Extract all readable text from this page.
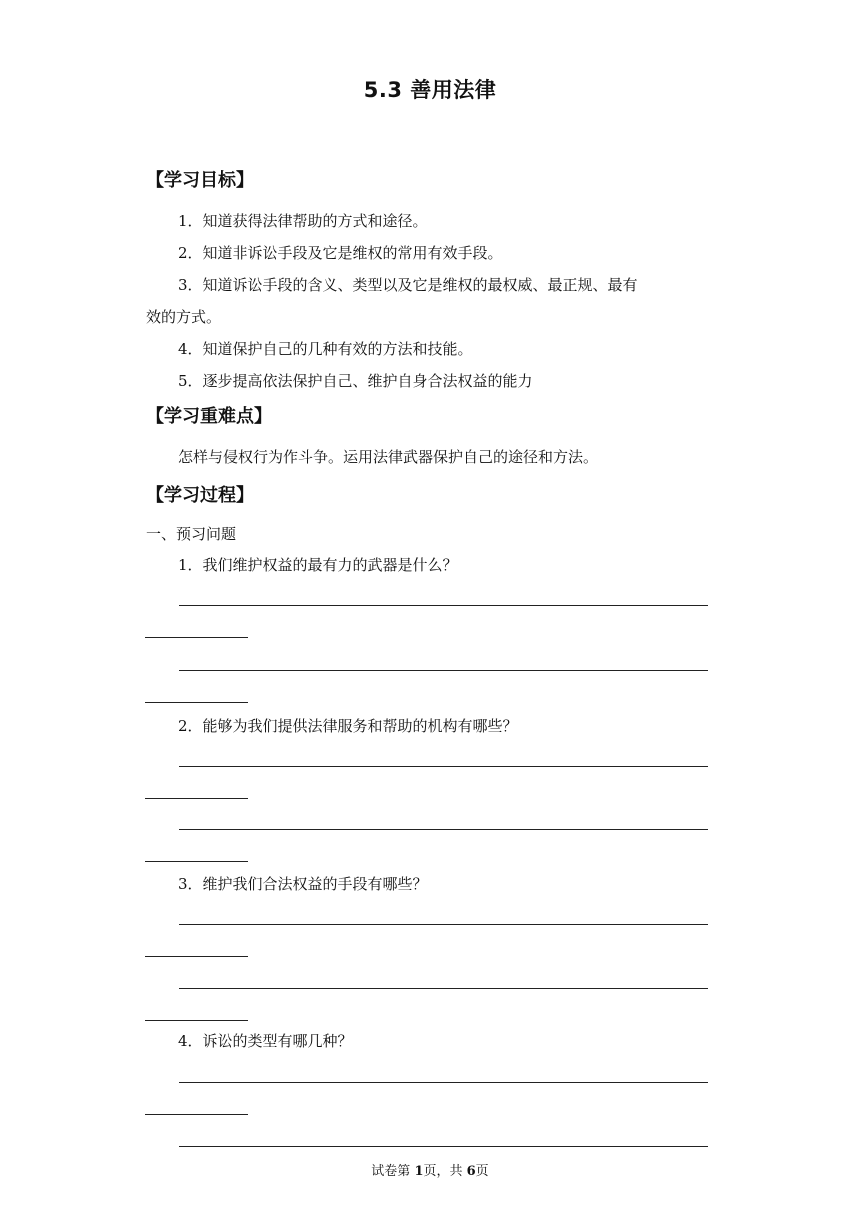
5.3 善用法律
【学习目标】
1．知道获得法律帮助的方式和途径。
2．知道非诉讼手段及它是维权的常用有效手段。
3．知道诉讼手段的含义、类型以及它是维权的最权威、最正规、最有
效的方式。
4．知道保护自己的几种有效的方法和技能。
5．逐步提高依法保护自己、维护自身合法权益的能力
【学习重难点】
怎样与侵权行为作斗争。运用法律武器保护自己的途径和方法。
【学习过程】
一、预习问题
1．我们维护权益的最有力的武器是什么？
2．能够为我们提供法律服务和帮助的机构有哪些？
3．维护我们合法权益的手段有哪些？
4．诉讼的类型有哪几种？
试卷第 1页，共 6页
